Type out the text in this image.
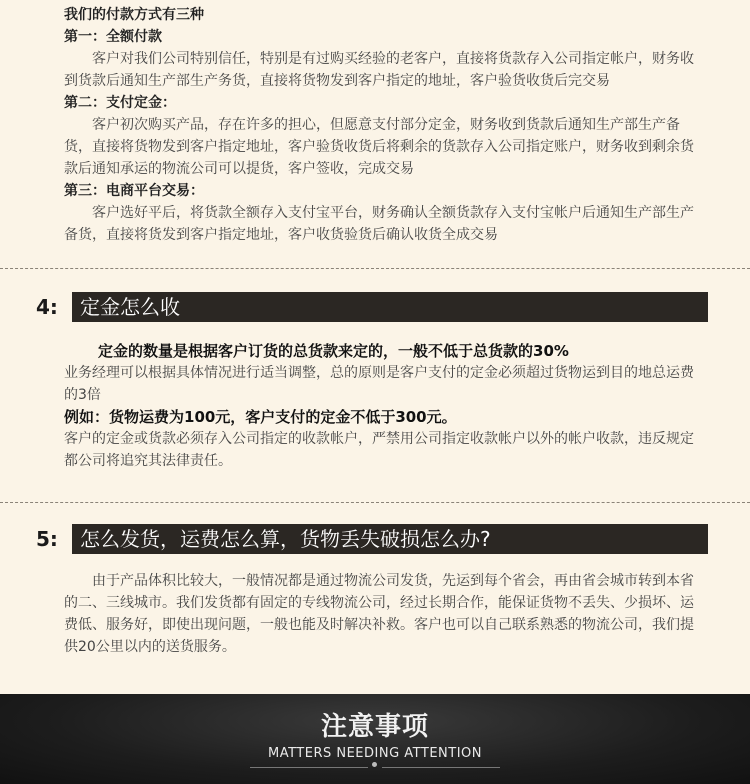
我们的付款方式有三种
第一：全额付款
客户对我们公司特别信任，特别是有过购买经验的老客户，直接将货款存入公司指定帐户，财务收到货款后通知生产部生产务货，直接将货物发到客户指定的地址，客户验货收货后完交易
第二：支付定金：
客户初次购买产品，存在许多的担心，但愿意支付部分定金，财务收到货款后通知生产部生产备货，直接将货物发到客户指定地址，客户验货收货后将剩余的货款存入公司指定账户，财务收到剩余货款后通知承运的物流公司可以提货，客户签收，完成交易
第三：电商平台交易：
客户选好平后，将货款全额存入支付宝平台，财务确认全额货款存入支付宝帐户后通知生产部生产备货，直接将货发到客户指定地址，客户收货验货后确认收货全成交易
4: 定金怎么收
定金的数量是根据客户订货的总货款来定的，一般不低于总货款的30%
业务经理可以根据具体情况进行适当调整，总的原则是客户支付的定金必须超过货物运到目的地总运费的3倍
例如：货物运费为100元，客户支付的定金不低于300元。
客户的定金或货款必须存入公司指定的收款帐户，严禁用公司指定收款帐户以外的帐户收款，违反规定都公司将追究其法律责任。
5: 怎么发货，运费怎么算，货物丢失破损怎么办?
由于产品体积比较大，一般情况都是通过物流公司发货，先运到每个省会，再由省会城市转到本省的二、三线城市。我们发货都有固定的专线物流公司，经过长期合作，能保证货物不丢失、少损坏、运费低、服务好，即使出现问题，一般也能及时解决补救。客户也可以自己联系熟悉的物流公司，我们提供20公里以内的送货服务。
注意事项
MATTERS NEEDING ATTENTION
